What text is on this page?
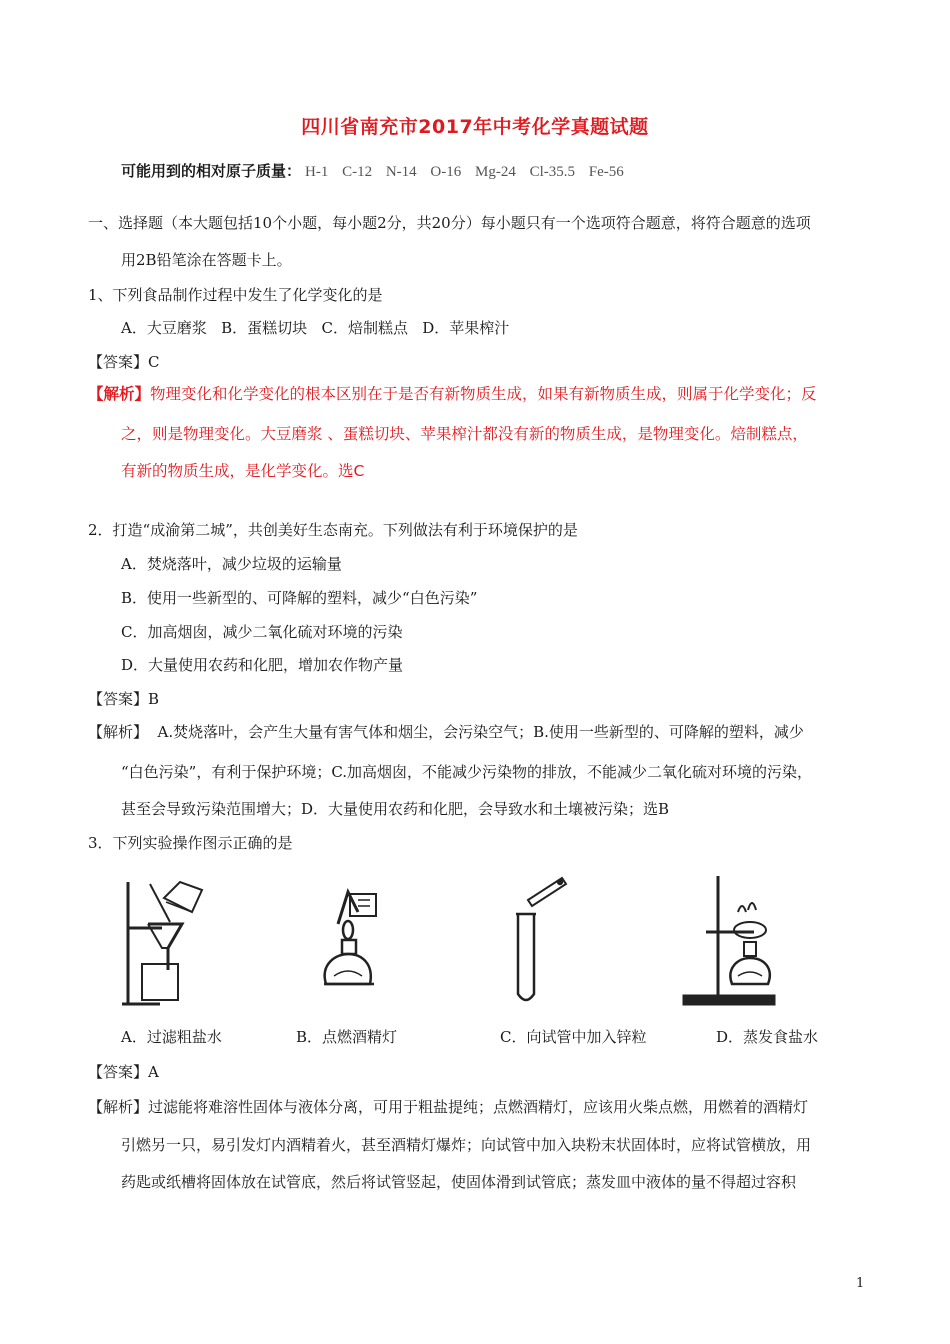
四川省南充市2017年中考化学真题试题
可能用到的相对原子质量： H-1 C-12 N-14 O-16 Mg-24 Cl-35.5 Fe-56
一、选择题（本大题包括10个小题，每小题2分，共20分）每小题只有一个选项符合题意，将符合题意的选项
用2B铅笔涂在答题卡上。
1、下列食品制作过程中发生了化学变化的是
A．大豆磨浆   B．蛋糕切块   C．焙制糕点   D．苹果榨汁
【答案】C
【解析】物理变化和化学变化的根本区别在于是否有新物质生成，如果有新物质生成，则属于化学变化；反
之，则是物理变化。大豆磨浆 、蛋糕切块、苹果榨汁都没有新的物质生成，是物理变化。焙制糕点，
有新的物质生成，是化学变化。选C
2．打造“成渝第二城”，共创美好生态南充。下列做法有利于环境保护的是
A．焚烧落叶，减少垃圾的运输量
B．使用一些新型的、可降解的塑料，减少“白色污染”
C．加高烟囱，减少二氧化硫对环境的污染
D．大量使用农药和化肥，增加农作物产量
【答案】B
【解析】  A.焚烧落叶，会产生大量有害气体和烟尘，会污染空气；B.使用一些新型的、可降解的塑料，减少
“白色污染”，有利于保护环境；C.加高烟囱，不能减少污染物的排放，不能减少二氧化硫对环境的污染，
甚至会导致污染范围增大；D．大量使用农药和化肥，会导致水和土壤被污染；选B
3．下列实验操作图示正确的是
A．过滤粗盐水	B．点燃酒精灯	C．向试管中加入锌粒	D．蒸发食盐水
【答案】A
【解析】过滤能将难溶性固体与液体分离，可用于粗盐提纯；点燃酒精灯，应该用火柴点燃，用燃着的酒精灯
引燃另一只，易引发灯内酒精着火，甚至酒精灯爆炸；向试管中加入块粉末状固体时，应将试管横放，用
药匙或纸槽将固体放在试管底，然后将试管竖起，使固体滑到试管底；蒸发皿中液体的量不得超过容积
1
